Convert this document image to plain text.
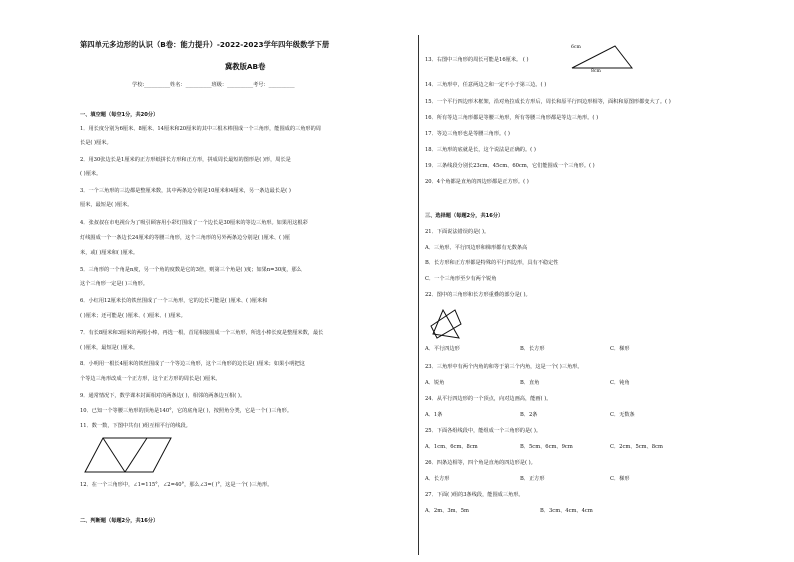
第四单元多边形的认识（B卷：能力提升）-2022-2023学年四年级数学下册
冀教版AB卷
学校:__________姓名：__________班级：__________考号：__________
一、填空题（每空1分，共20分）
1．用长度分别为6厘米、8厘米、14厘米和20厘米的其中三根木棒围成一个三角形，能围成的三角形的周
长是( )厘米。
2．用30张边长是1厘米的正方形纸拼长方形和正方形，拼成周长最短的图形是( )形，周长是
( )厘米。
3．一个三角形的三边都是整厘米数，其中两条边分别是10厘米和4厘米，另一条边最长是( )
厘米，最短是( )厘米。
4．张叔叔在市电视台为了吸引顾客用小彩灯围成了一个边长是30厘米的等边三角形。如果用这根彩
灯线围成一个一条边长24厘米的等腰三角形，这个三角形的另外两条边分别是( )厘米、( )厘
米，或( )厘米和( )厘米。
5．三角形的一个角是n度，另一个角的度数是它的3倍，则第三个角是( )度；如果n=30度，那么
这个三角形一定是( )三角形。
6．小红用12厘米长的铁丝围成了一个三角形，它的边长可能是( )厘米、( )厘米和
( )厘米；还可能是( )厘米、( )厘米、( )厘米。
7．有长8厘米和3厘米的两根小棒，再选一根，首尾相接围成一个三角形，所选小棒长度是整厘米数，最长
( )厘米，最短是( )厘米。
8．小明用一根长4厘米的铁丝围成了一个等边三角形，这个三角形的边长是( )厘米；如果小明把这
个等边三角形改成一个正方形，这个正方形的周长是( )厘米。
9．通常情况下，数学课本封面相对的两条边( )，相邻的两条边互相( )。
10．已知一个等腰三角形的顶角是140°，它的底角是( )，按照角分类，它是一个( )三角形。
11．数一数，下图中共有( )组互相平行的线段。
12．在一个三角形中，∠1=115°，∠2=40°，那么∠3=( )°，这是一个( )三角形。
二、判断题（每题2分，共16分）
13．右图中三角形的周长可能是16厘米。 ( )
6cm
8cm
14．三角形中，任意两边之和一定不小于第三边。( )
15．一个平行四边形木框架，沿对角拉成长方形后，周长和原平行四边形相等，面积和原图形都变大了。( )
16．所有等边三角形都是等腰三角形，所有等腰三角形都是等边三角形。( )
17．等边三角形也是等腰三角形。( )
18．三角形的底就是长，这个说法是正确的。( )
19．三条线段分别长23cm、45cm、60cm，它们能围成一个三角形。( )
20．4个角都是直角的四边形都是正方形。( )
三、选择题（每题2分，共16分）
21．下面说法错误的是( )。
A．三角形、平行四边形和梯形都有无数条高
B．长方形和正方形都是特殊的平行四边形，具有不稳定性
C．一个三角形至少有两个锐角
22．图中的三角形和长方形重叠的部分是( )。
A．平行四边形	B．长方形	C．梯形
23．三角形中有两个内角的和等于第三个内角，这是一个( )三角形。
A．锐角	B．直角	C．钝角
24．从平行四边形的一个顶点，向对边画高，能画( )。
A．1条	B．2条	C．无数条
25．下面各组线段中，能组成一个三角形的是( )。
A．1cm、6cm、8cm	B．5cm、6cm、9cm	C．2cm、5cm、8cm
26．四条边相等，四个角是直角的四边形是( )。
A．长方形	B．正方形	C．梯形
27．下面( )组的3条线段，能围成三角形。
A．2m、3m、5m	B．3cm、4cm、4cm
